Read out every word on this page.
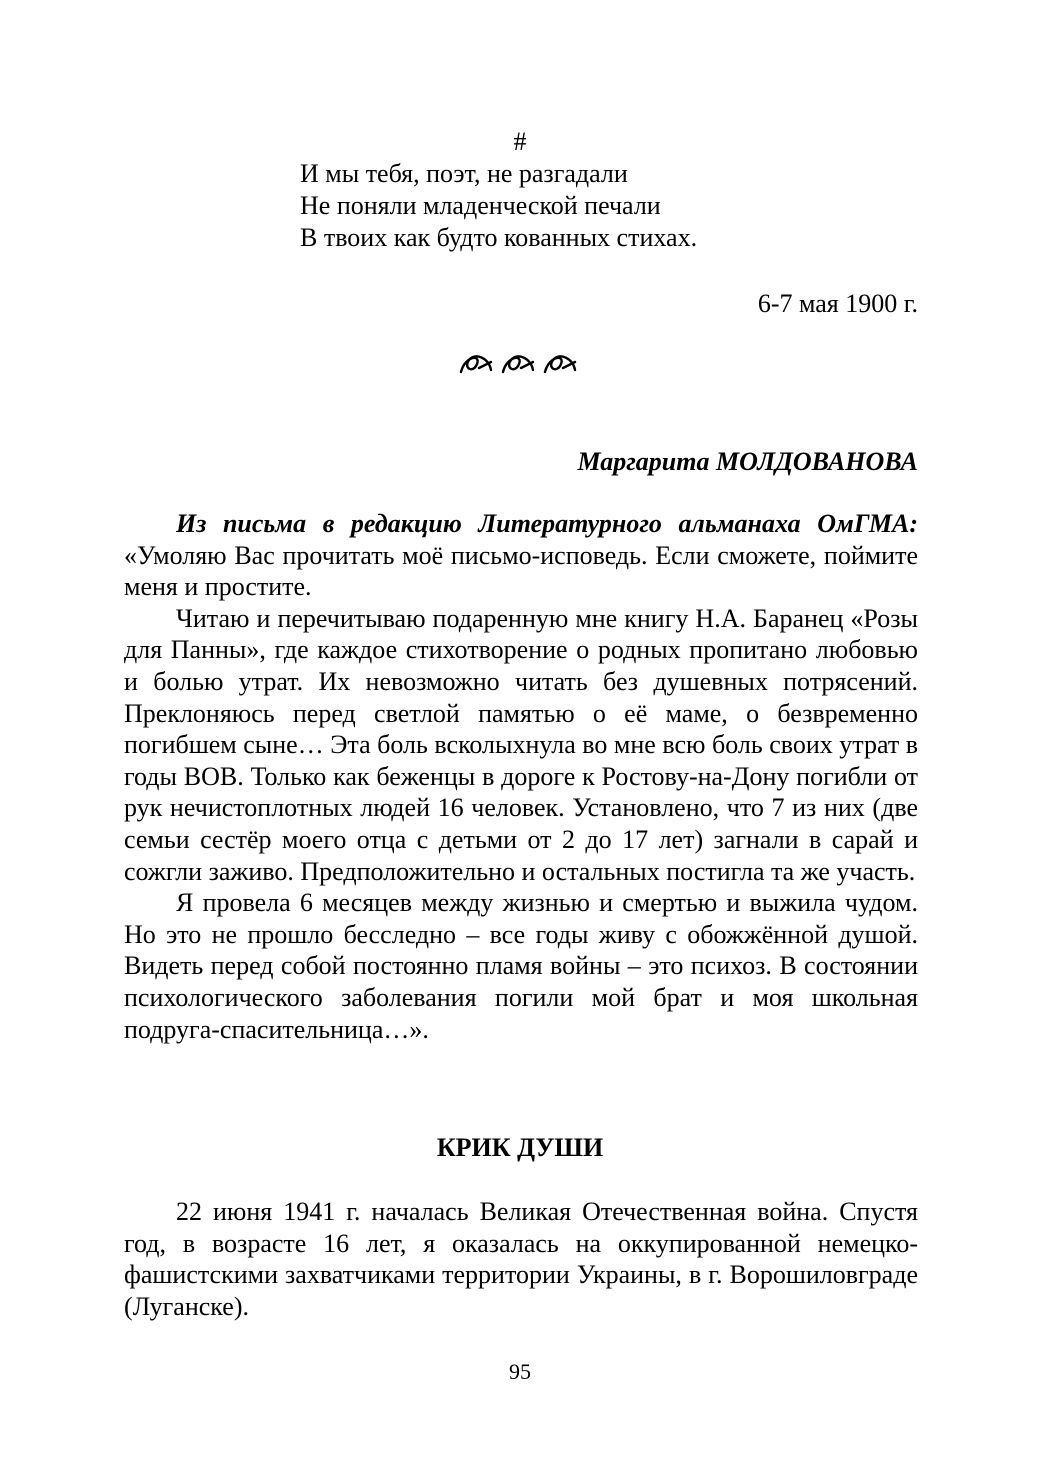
#
И мы тебя, поэт, не разгадали
Не поняли младенческой печали
В твоих как будто кованных стихах.
6-7 мая 1900 г.
Маргарита МОЛДОВАНОВА

Из письма в редакцию Литературного альманаха ОмГМА: «Умоляю Вас прочитать моё письмо-исповедь. Если сможете, поймите меня и простите.

Читаю и перечитываю подаренную мне книгу Н.А. Баранец «Розы для Панны», где каждое стихотворение о родных пропитано любовью и болью утрат. Их невозможно читать без душевных потрясений. Преклоняюсь перед светлой памятью о её маме, о безвременно погибшем сыне… Эта боль всколыхнула во мне всю боль своих утрат в годы ВОВ. Только как беженцы в дороге к Ростову-на-Дону погибли от рук нечистоплотных людей 16 человек. Установлено, что 7 из них (две семьи сестёр моего отца с детьми от 2 до 17 лет) загнали в сарай и сожгли заживо. Предположительно и остальных постигла та же участь.

Я провела 6 месяцев между жизнью и смертью и выжила чудом. Но это не прошло бесследно – все годы живу с обожжённой душой. Видеть перед собой постоянно пламя войны – это психоз. В состоянии психологического заболевания погили мой брат и моя школьная подруга-спасительница…».

КРИК ДУШИ

22 июня 1941 г. началась Великая Отечественная война. Спустя год, в возрасте 16 лет, я оказалась на оккупированной немецко-фашистскими захватчиками территории Украины, в г. Ворошиловграде (Луганске).

95
